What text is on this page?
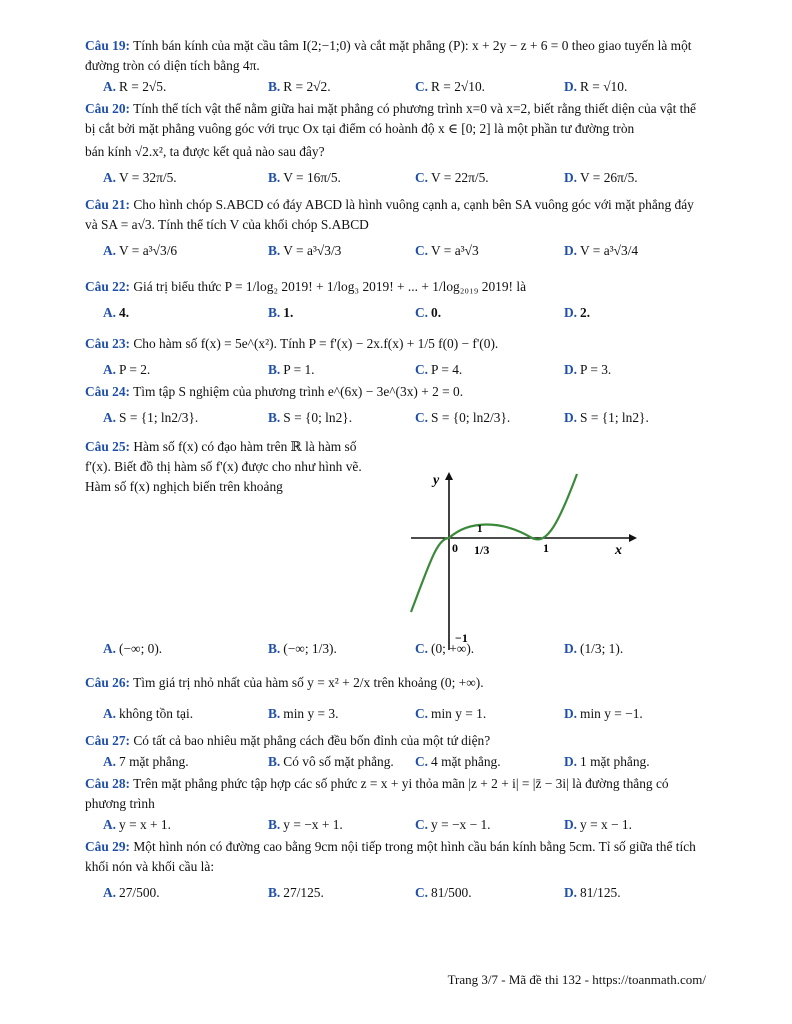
Câu 19: Tính bán kính của mặt cầu tâm I(2;−1;0) và cắt mặt phẳng (P): x + 2y − z + 6 = 0 theo giao tuyến là một đường tròn có diện tích bằng 4π.

A. R = 2√5.	B. R = 2√2.	C. R = 2√10.	D. R = √10.

Câu 20: Tính thể tích vật thể nằm giữa hai mặt phẳng có phương trình x=0 và x=2, biết rằng thiết diện của vật thể bị cắt bởi mặt phẳng vuông góc với trục Ox tại điểm có hoành độ x ∈ [0; 2] là một phần tư đường tròn

bán kính √2.x², ta được kết quả nào sau đây?

A. V = 32π/5.	B. V = 16π/5.	C. V = 22π/5.	D. V = 26π/5.

Câu 21: Cho hình chóp S.ABCD có đáy ABCD là hình vuông cạnh a, cạnh bên SA vuông góc với mặt phẳng đáy và SA = a√3. Tính thể tích V của khối chóp S.ABCD

A. V = a³√3/6	B. V = a³√3/3	C. V = a³√3	D. V = a³√3/4

Câu 22: Giá trị biểu thức P = 1/log₂ 2019! + 1/log₃ 2019! + ... + 1/log₂₀₁₉ 2019! là

A. 4.	B. 1.	C. 0.	D. 2.

Câu 23: Cho hàm số f(x) = 5e^(x²). Tính P = f'(x) − 2x.f(x) + 1/5 f(0) − f'(0).

A. P = 2.	B. P = 1.	C. P = 4.	D. P = 3.

Câu 24: Tìm tập S nghiệm của phương trình e^(6x) − 3e^(3x) + 2 = 0.

A. S = {1; ln2/3}.	B. S = {0; ln2}.	C. S = {0; ln2/3}.	D. S = {1; ln2}.

Câu 25: Hàm số f(x) có đạo hàm trên ℝ là hàm số f'(x). Biết đồ thị hàm số f'(x) được cho như hình vẽ. Hàm số f(x) nghịch biến trên khoảng

A. (−∞; 0).	B. (−∞; 1/3).	C. (0; +∞).	D. (1/3; 1).

Câu 26: Tìm giá trị nhỏ nhất của hàm số y = x² + 2/x trên khoảng (0; +∞).

A. không tồn tại.	B. min y = 3.	C. min y = 1.	D. min y = −1.

Câu 27: Có tất cả bao nhiêu mặt phẳng cách đều bốn đỉnh của một tứ diện?

A. 7 mặt phẳng.	B. Có vô số mặt phẳng.	C. 4 mặt phẳng.	D. 1 mặt phẳng.

Câu 28: Trên mặt phẳng phức tập hợp các số phức z = x + yi thỏa mãn |z + 2 + i| = |z̄ − 3i| là đường thẳng có phương trình

A. y = x + 1.	B. y = −x + 1.	C. y = −x − 1.	D. y = x − 1.

Câu 29: Một hình nón có đường cao bằng 9cm nội tiếp trong một hình cầu bán kính bằng 5cm. Tỉ số giữa thể tích khối nón và khối cầu là:

A. 27/500.	B. 27/125.	C. 81/500.	D. 81/125.
y
x
0 1/3	1
1
−1
Trang 3/7 - Mã đề thi 132 - https://toanmath.com/
